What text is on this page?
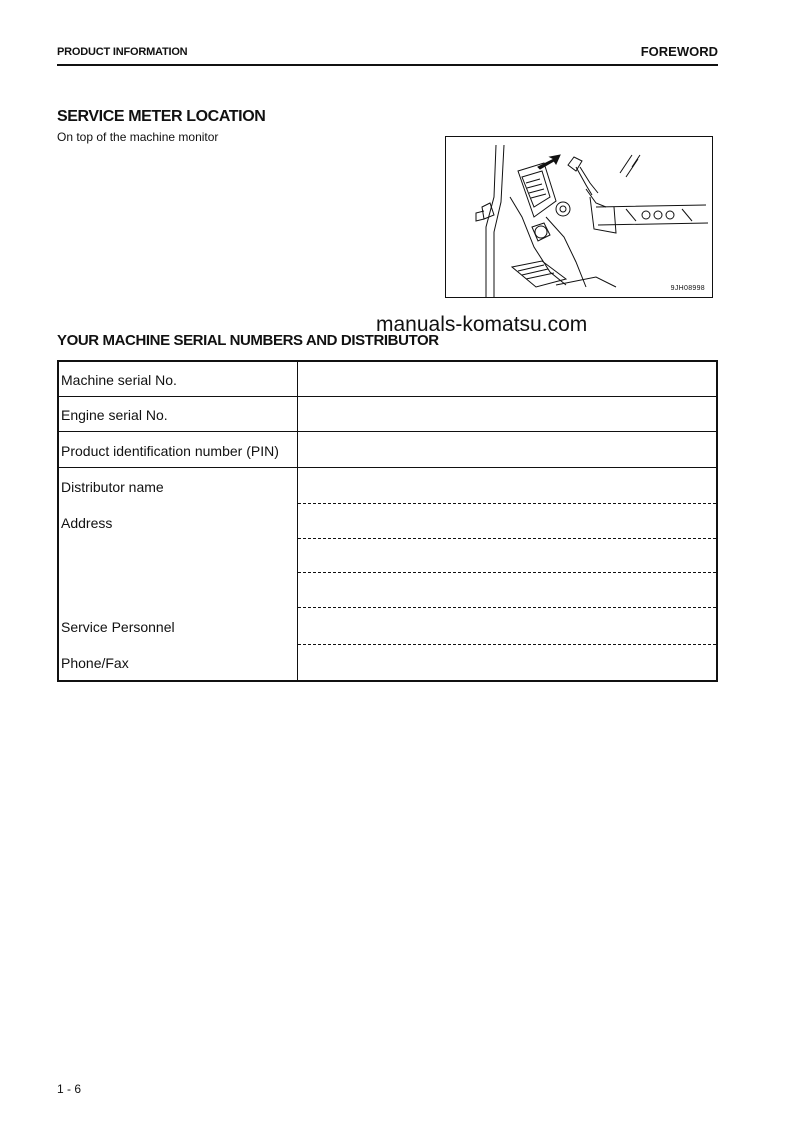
PRODUCT INFORMATION	FOREWORD
SERVICE METER LOCATION
On top of the machine monitor
9JH08998
manuals-komatsu.com
YOUR MACHINE SERIAL NUMBERS AND DISTRIBUTOR
Machine serial No.
Engine serial No.
Product identification number (PIN)
Distributor name
Address
Service Personnel
Phone/Fax
1 - 6
